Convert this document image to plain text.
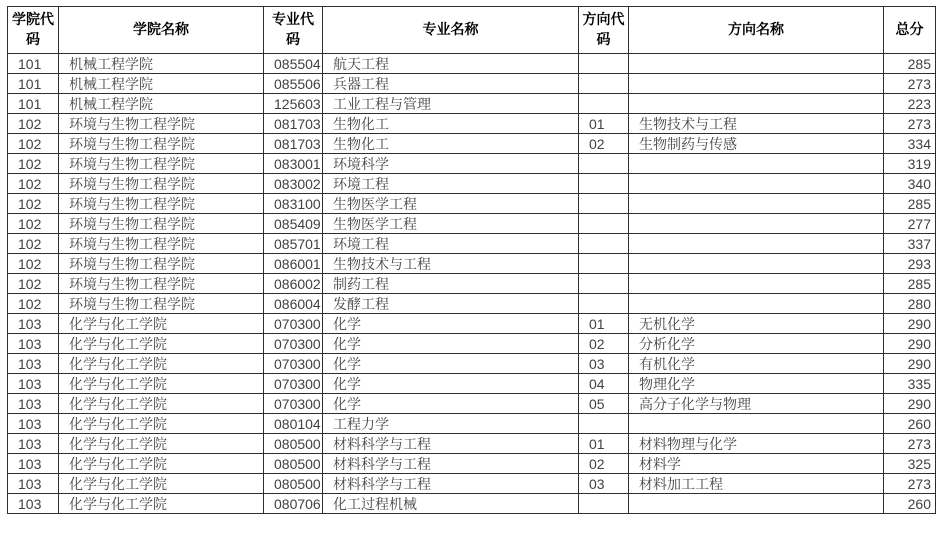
学院代码	学院名称	专业代码	专业名称	方向代码	方向名称	总分
101	机械工程学院	085504	航天工程			285
101	机械工程学院	085506	兵器工程			273
101	机械工程学院	125603	工业工程与管理			223
102	环境与生物工程学院	081703	生物化工	01	生物技术与工程	273
102	环境与生物工程学院	081703	生物化工	02	生物制药与传感	334
102	环境与生物工程学院	083001	环境科学			319
102	环境与生物工程学院	083002	环境工程			340
102	环境与生物工程学院	083100	生物医学工程			285
102	环境与生物工程学院	085409	生物医学工程			277
102	环境与生物工程学院	085701	环境工程			337
102	环境与生物工程学院	086001	生物技术与工程			293
102	环境与生物工程学院	086002	制药工程			285
102	环境与生物工程学院	086004	发酵工程			280
103	化学与化工学院	070300	化学	01	无机化学	290
103	化学与化工学院	070300	化学	02	分析化学	290
103	化学与化工学院	070300	化学	03	有机化学	290
103	化学与化工学院	070300	化学	04	物理化学	335
103	化学与化工学院	070300	化学	05	高分子化学与物理	290
103	化学与化工学院	080104	工程力学			260
103	化学与化工学院	080500	材料科学与工程	01	材料物理与化学	273
103	化学与化工学院	080500	材料科学与工程	02	材料学	325
103	化学与化工学院	080500	材料科学与工程	03	材料加工工程	273
103	化学与化工学院	080706	化工过程机械			260
